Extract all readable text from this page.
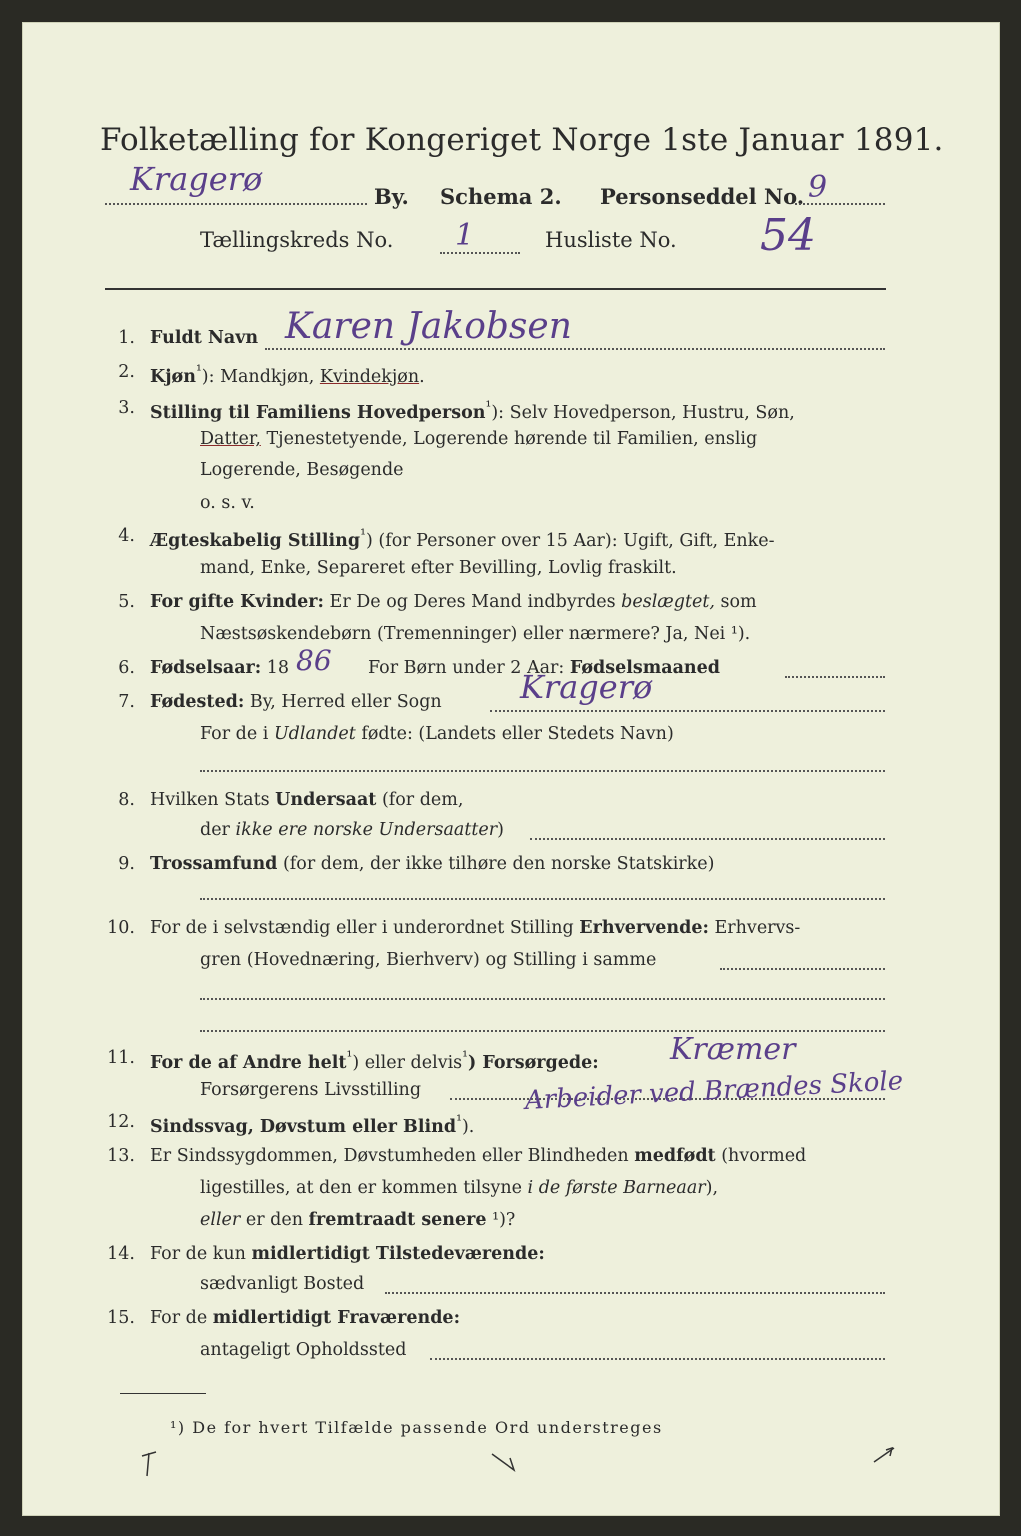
Folketælling for Kongeriget Norge 1ste Januar 1891.
Kragerø	By. Schema 2. Personseddel No. 9
Tællingskreds No. 1	Husliste No. 54
1. Fuldt Navn Karen Jakobsen
2. Kjøn$^{^1}$): Mandkjøn, Kvindekjøn.
3. Stilling til Familiens Hovedperson$^{^1}$): Selv Hovedperson, Hustru, Søn,
Datter, Tjenestetyende, Logerende hørende til Familien, enslig
Logerende, Besøgende
o. s. v.
4. Ægteskabelig Stilling$^{^1}$) (for Personer over 15 Aar): Ugift, Gift, Enke-
mand, Enke, Separeret efter Bevilling, Lovlig fraskilt.
5. For gifte Kvinder: Er De og Deres Mand indbyrdes beslægtet, som
Næstsøskendebørn (Tremenninger) eller nærmere? Ja, Nei ¹).
6. Fødselsaar: 18 86 For Børn under 2 Aar: Fødselsmaaned
7. Fødested: By, Herred eller Sogn Kragerø
For de i Udlandet fødte: (Landets eller Stedets Navn)
8. Hvilken Stats Undersaat (for dem,
der ikke ere norske Undersaatter)
9. Trossamfund (for dem, der ikke tilhøre den norske Statskirke)
10. For de i selvstændig eller i underordnet Stilling Erhvervende: Erhvervs-
gren (Hovednæring, Bierhverv) og Stilling i samme
11. For de af Andre helt$^{^1}$) eller delvis$^{^1}$) Forsørgede:
Forsørgerens Livsstilling
Kræmer
Arbeider ved Brændes Skole
12. Sindssvag, Døvstum eller Blind$^{^1}$).
13. Er Sindssygdommen, Døvstumheden eller Blindheden medfødt (hvormed
ligestilles, at den er kommen tilsyne i de første Barneaar),
eller er den fremtraadt senere ¹)?
14. For de kun midlertidigt Tilstedeværende:
sædvanligt Bosted
15. For de midlertidigt Fraværende:
antageligt Opholdssted
¹) De for hvert Tilfælde passende Ord understreges
